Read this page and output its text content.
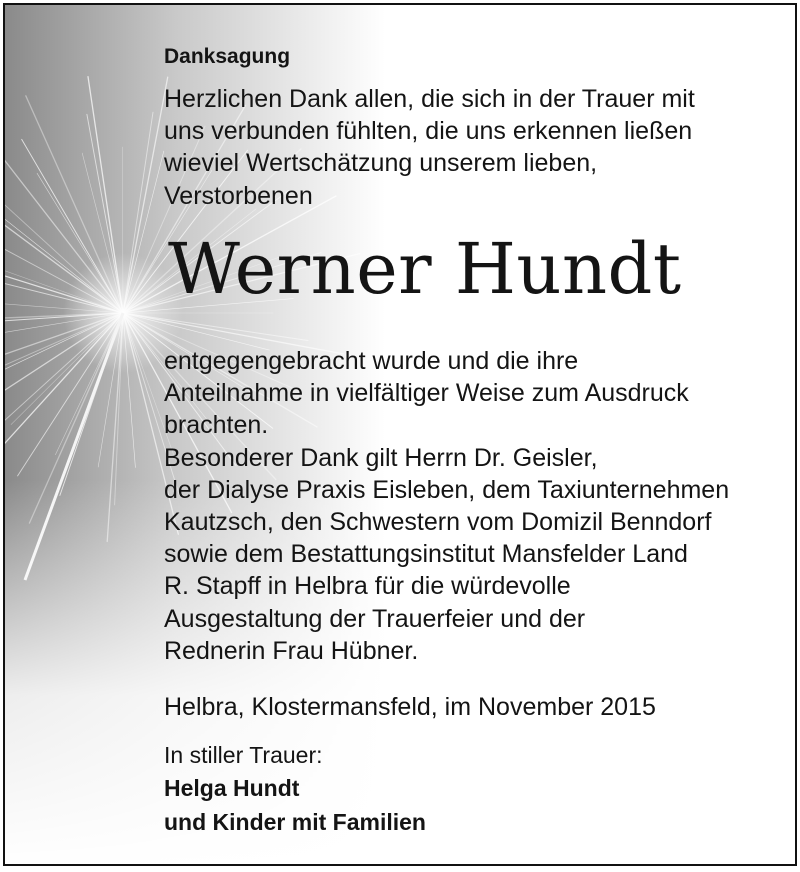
Danksagung
Herzlichen Dank allen, die sich in der Trauer mit
uns verbunden fühlten, die uns erkennen ließen
wieviel Wertschätzung unserem lieben,
Verstorbenen
Werner Hundt
entgegengebracht wurde und die ihre
Anteilnahme in vielfältiger Weise zum Ausdruck
brachten.
Besonderer Dank gilt Herrn Dr. Geisler,
der Dialyse Praxis Eisleben, dem Taxiunternehmen
Kautzsch, den Schwestern vom Domizil Benndorf
sowie dem Bestattungsinstitut Mansfelder Land
R. Stapff in Helbra für die würdevolle
Ausgestaltung der Trauerfeier und der
Rednerin Frau Hübner.
Helbra, Klostermansfeld, im November 2015
In stiller Trauer:
Helga Hundt
und Kinder mit Familien
